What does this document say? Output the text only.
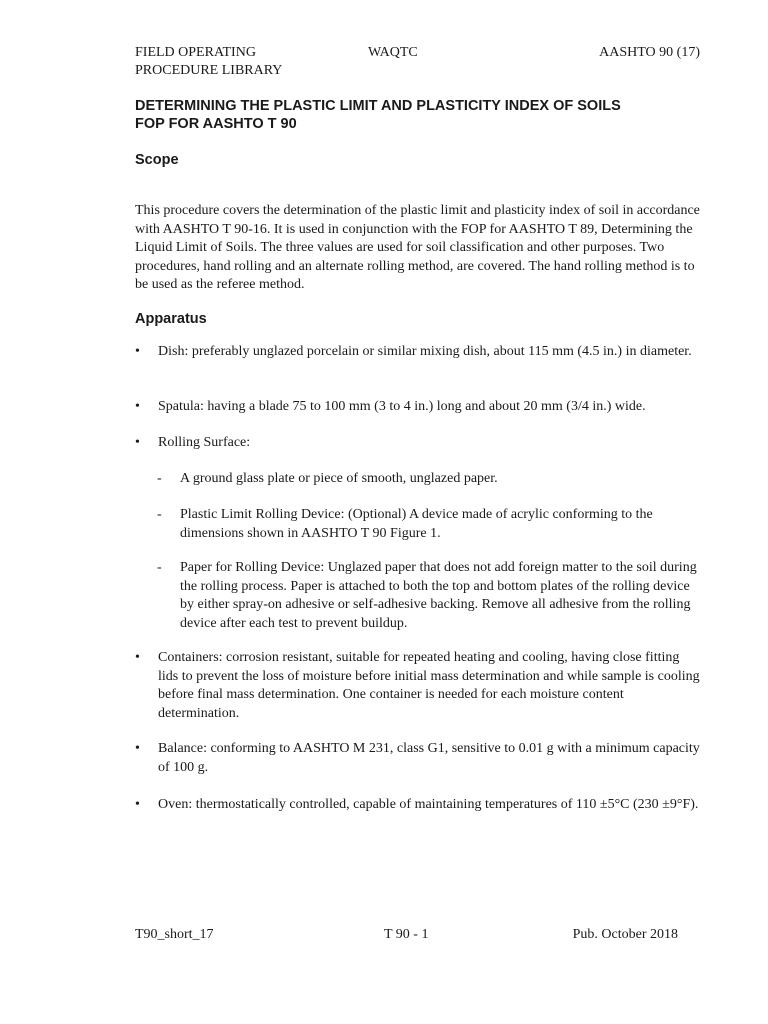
FIELD OPERATING
PROCEDURE LIBRARY
WAQTC	AASHTO 90 (17)
DETERMINING THE PLASTIC LIMIT AND PLASTICITY INDEX OF SOILS
FOP FOR AASHTO T 90
Scope
This procedure covers the determination of the plastic limit and plasticity index of soil in accordance with AASHTO T 90-16. It is used in conjunction with the FOP for AASHTO T 89, Determining the Liquid Limit of Soils. The three values are used for soil classification and other purposes. Two procedures, hand rolling and an alternate rolling method, are covered. The hand rolling method is to be used as the referee method.
Apparatus
•	Dish: preferably unglazed porcelain or similar mixing dish, about 115 mm (4.5 in.) in diameter.
•	Spatula: having a blade 75 to 100 mm (3 to 4 in.) long and about 20 mm (3/4 in.) wide.
•	Rolling Surface:
- A ground glass plate or piece of smooth, unglazed paper.
- Plastic Limit Rolling Device: (Optional) A device made of acrylic conforming to the dimensions shown in AASHTO T 90 Figure 1.
- Paper for Rolling Device: Unglazed paper that does not add foreign matter to the soil during the rolling process. Paper is attached to both the top and bottom plates of the rolling device by either spray-on adhesive or self-adhesive backing. Remove all adhesive from the rolling device after each test to prevent buildup.
•	Containers: corrosion resistant, suitable for repeated heating and cooling, having close fitting lids to prevent the loss of moisture before initial mass determination and while sample is cooling before final mass determination. One container is needed for each moisture content determination.
•	Balance: conforming to AASHTO M 231, class G1, sensitive to 0.01 g with a minimum capacity of 100 g.
•	Oven: thermostatically controlled, capable of maintaining temperatures of 110 ±5°C (230 ±9°F).
T90_short_17	T 90 - 1	Pub. October 2018
